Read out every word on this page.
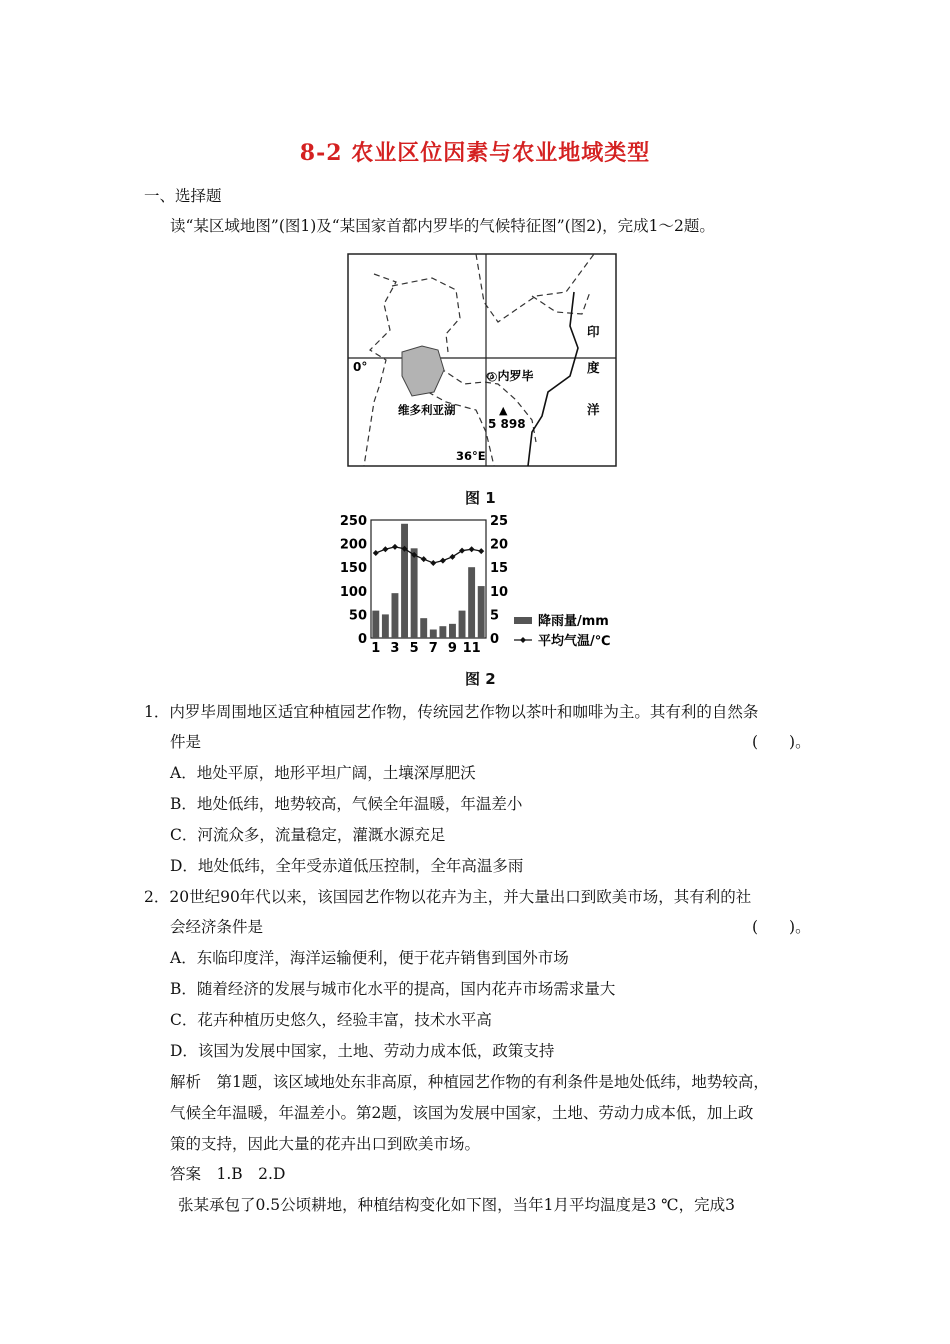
8-2 农业区位因素与农业地域类型
一、选择题
读“某区域地图”(图1)及“某国家首都内罗毕的气候特征图”(图2)，完成1～2题。
0°
维多利亚湖
◎内罗毕
▲
5 898
36°E
印
度
洋
图 1
250
200
150
100
50
0
25
20
15
10
5
0
1 3 5 7 9 11
降雨量/mm
平均气温/℃
图 2
1．内罗毕周围地区适宜种植园艺作物，传统园艺作物以茶叶和咖啡为主。其有利的自然条
件是	(　　)。
A．地处平原，地形平坦广阔，土壤深厚肥沃
B．地处低纬，地势较高，气候全年温暖，年温差小
C．河流众多，流量稳定，灌溉水源充足
D．地处低纬，全年受赤道低压控制，全年高温多雨
2．20世纪90年代以来，该国园艺作物以花卉为主，并大量出口到欧美市场，其有利的社
会经济条件是	(　　)。
A．东临印度洋，海洋运输便利，便于花卉销售到国外市场
B．随着经济的发展与城市化水平的提高，国内花卉市场需求量大
C．花卉种植历史悠久，经验丰富，技术水平高
D．该国为发展中国家，土地、劳动力成本低，政策支持
解析　第1题，该区域地处东非高原，种植园艺作物的有利条件是地处低纬，地势较高，
气候全年温暖，年温差小。第2题，该国为发展中国家，土地、劳动力成本低，加上政
策的支持，因此大量的花卉出口到欧美市场。
答案　1.B　2.D
张某承包了0.5公顷耕地，种植结构变化如下图，当年1月平均温度是3 ℃，完成3
